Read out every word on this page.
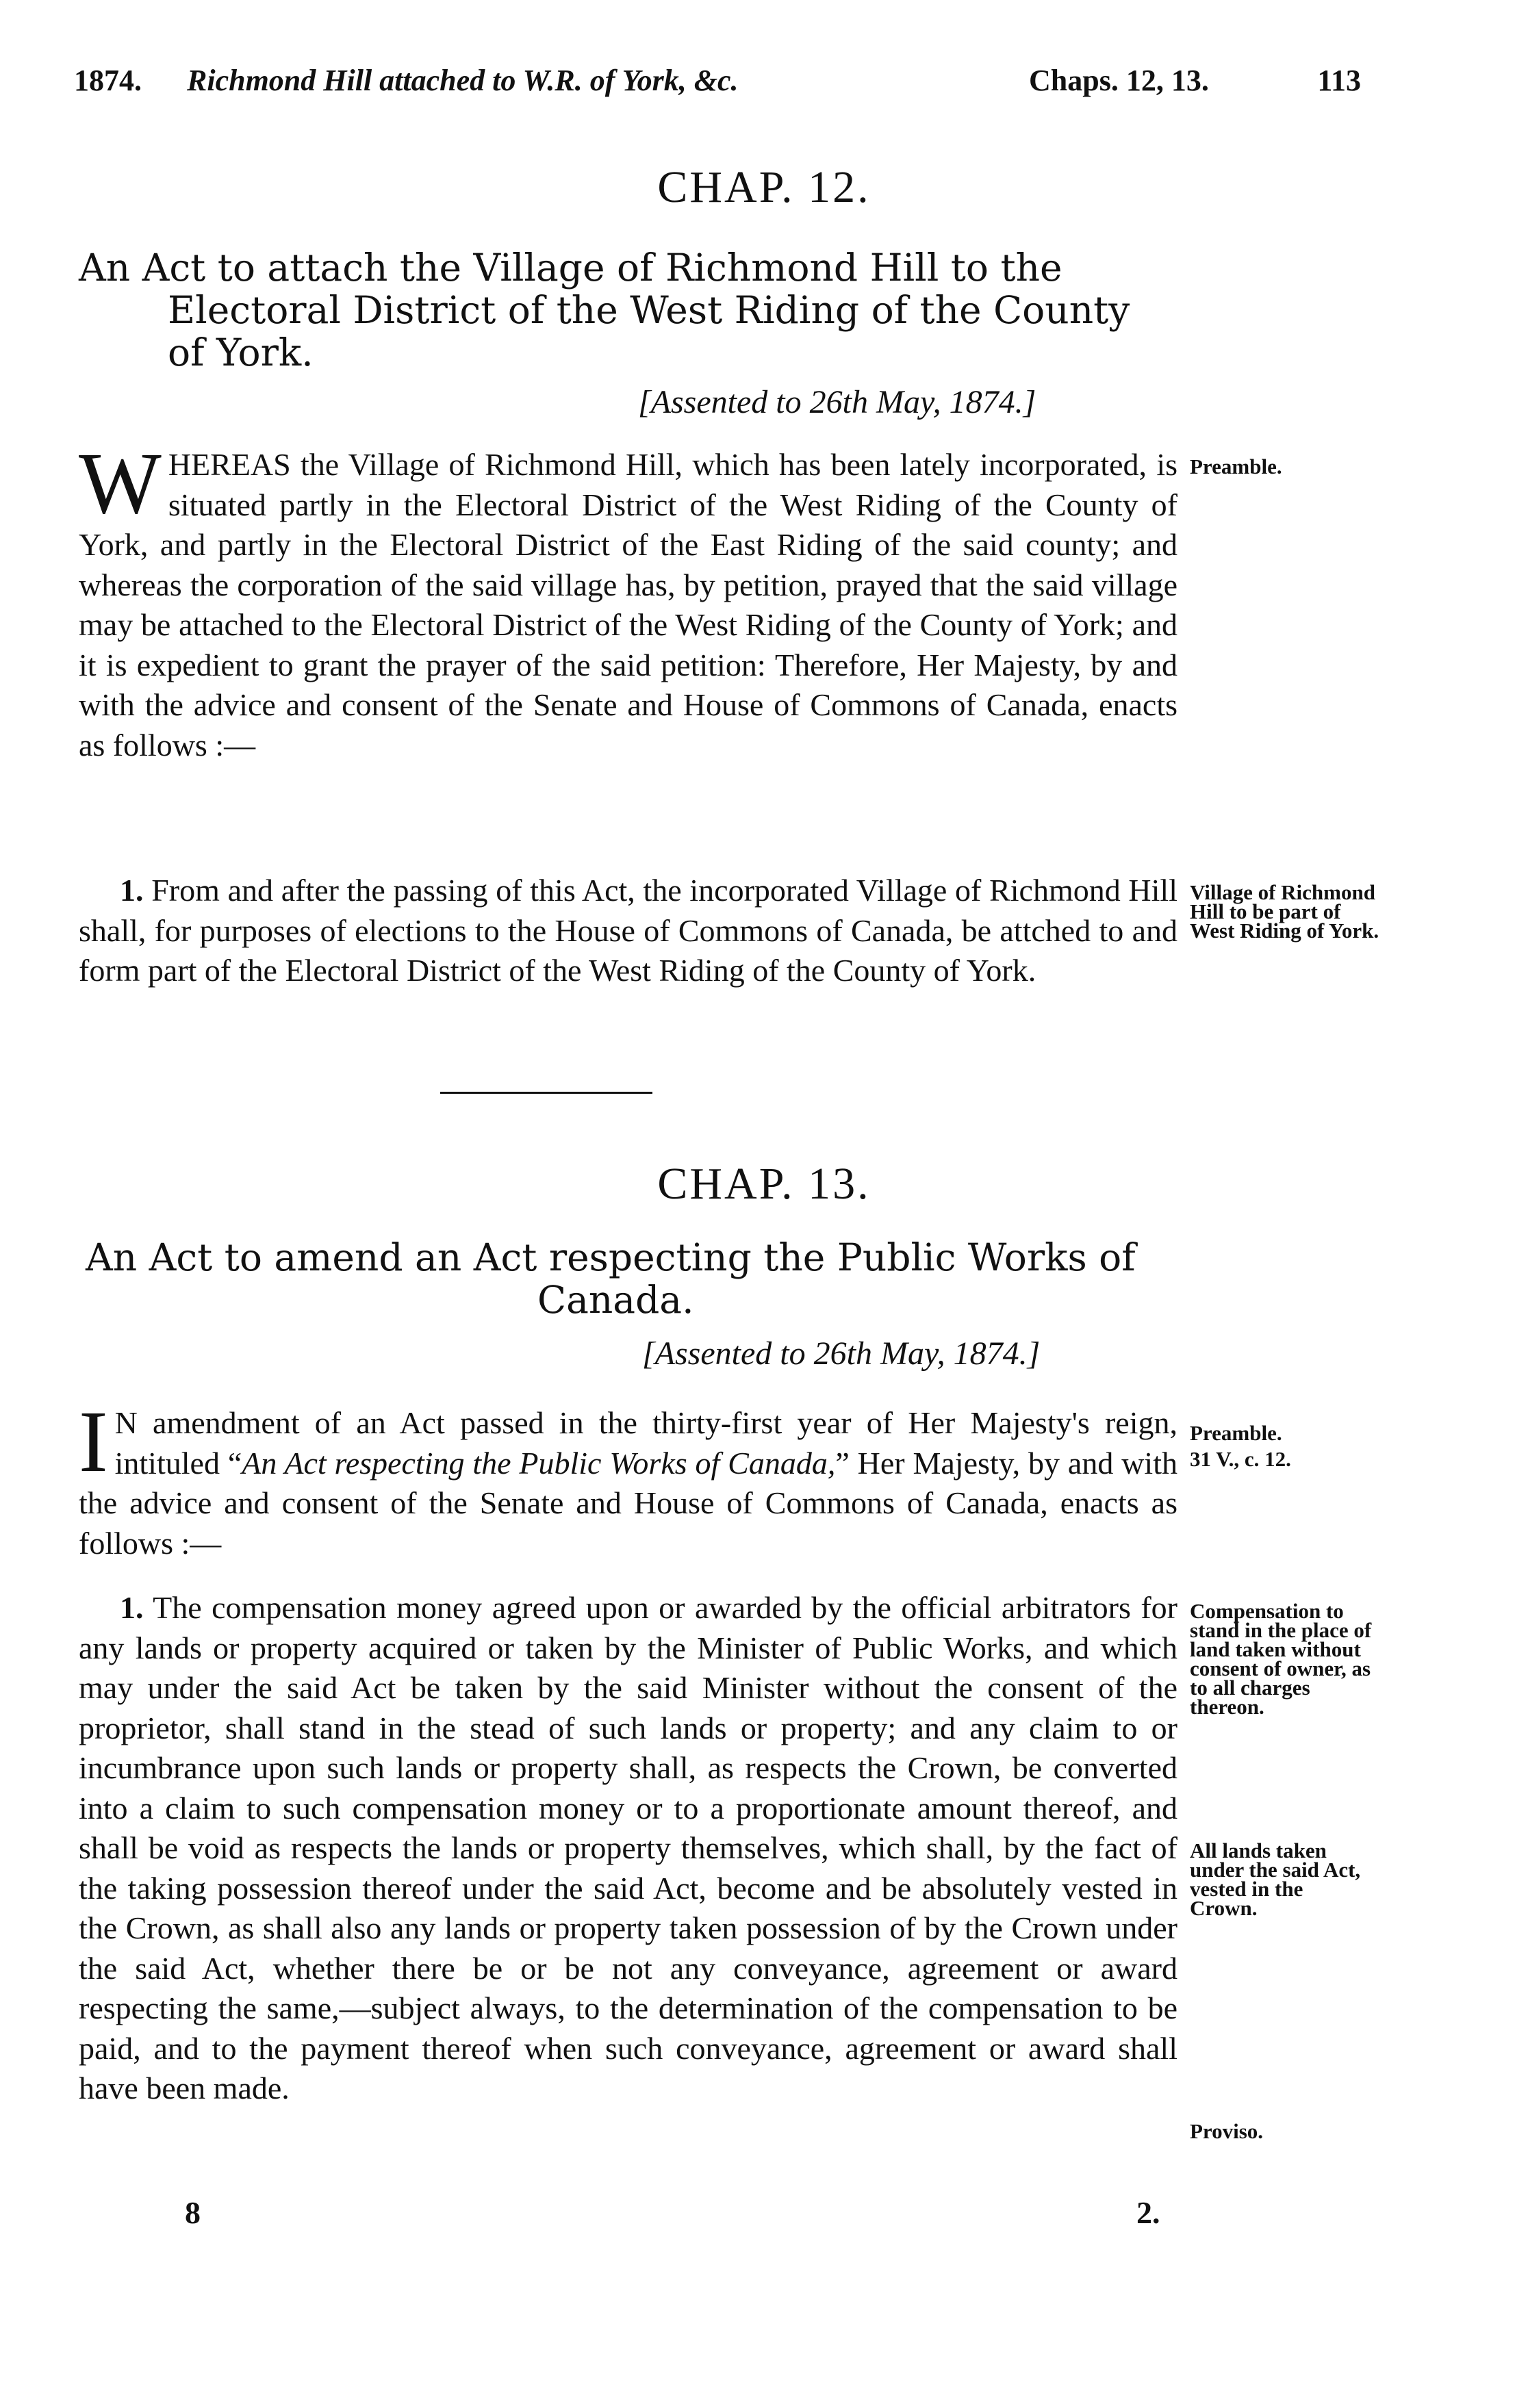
1874. Richmond Hill attached to W.R. of York, &c.	Chaps. 12, 13.	113
CHAP. 12.
An Act to attach the Village of Richmond Hill to the
Electoral District of the West Riding of the County
of York.
[Assented to 26th May, 1874.]
WHEREAS the Village of Richmond Hill, which has been lately incorporated, is situated partly in the Electoral District of the West Riding of the County of York, and partly in the Electoral District of the East Riding of the said county; and whereas the corporation of the said village has, by petition, prayed that the said village may be attached to the Electoral District of the West Riding of the County of York; and it is expedient to grant the prayer of the said petition: Therefore, Her Majesty, by and with the advice and consent of the Senate and House of Commons of Canada, enacts as follows :—
Preamble.
1. From and after the passing of this Act, the incorporated Village of Richmond Hill shall, for purposes of elections to the House of Commons of Canada, be attched to and form part of the Electoral District of the West Riding of the County of York.
Village of Richmond Hill to be part of West Riding of York.
CHAP. 13.
An Act to amend an Act respecting the Public Works of
Canada.
[Assented to 26th May, 1874.]
I N amendment of an Act passed in the thirty-first year of Her Majesty's reign, intituled “An Act respecting the Public Works of Canada,” Her Majesty, by and with the advice and consent of the Senate and House of Commons of Canada, enacts as follows :—
Preamble.
31 V., c. 12.
1. The compensation money agreed upon or awarded by the official arbitrators for any lands or property acquired or taken by the Minister of Public Works, and which may under the said Act be taken by the said Minister without the consent of the proprietor, shall stand in the stead of such lands or property; and any claim to or incumbrance upon such lands or property shall, as respects the Crown, be converted into a claim to such compensation money or to a proportionate amount thereof, and shall be void as respects the lands or property themselves, which shall, by the fact of the taking possession thereof under the said Act, become and be absolutely vested in the Crown, as shall also any lands or property taken possession of by the Crown under the said Act, whether there be or be not any conveyance, agreement or award respecting the same,—subject always, to the determination of the compensation to be paid, and to the payment thereof when such conveyance, agreement or award shall have been made.
Compensation to stand in the place of land taken without consent of owner, as to all charges thereon.
All lands taken under the said Act, vested in the Crown.
Proviso.
8	2.
